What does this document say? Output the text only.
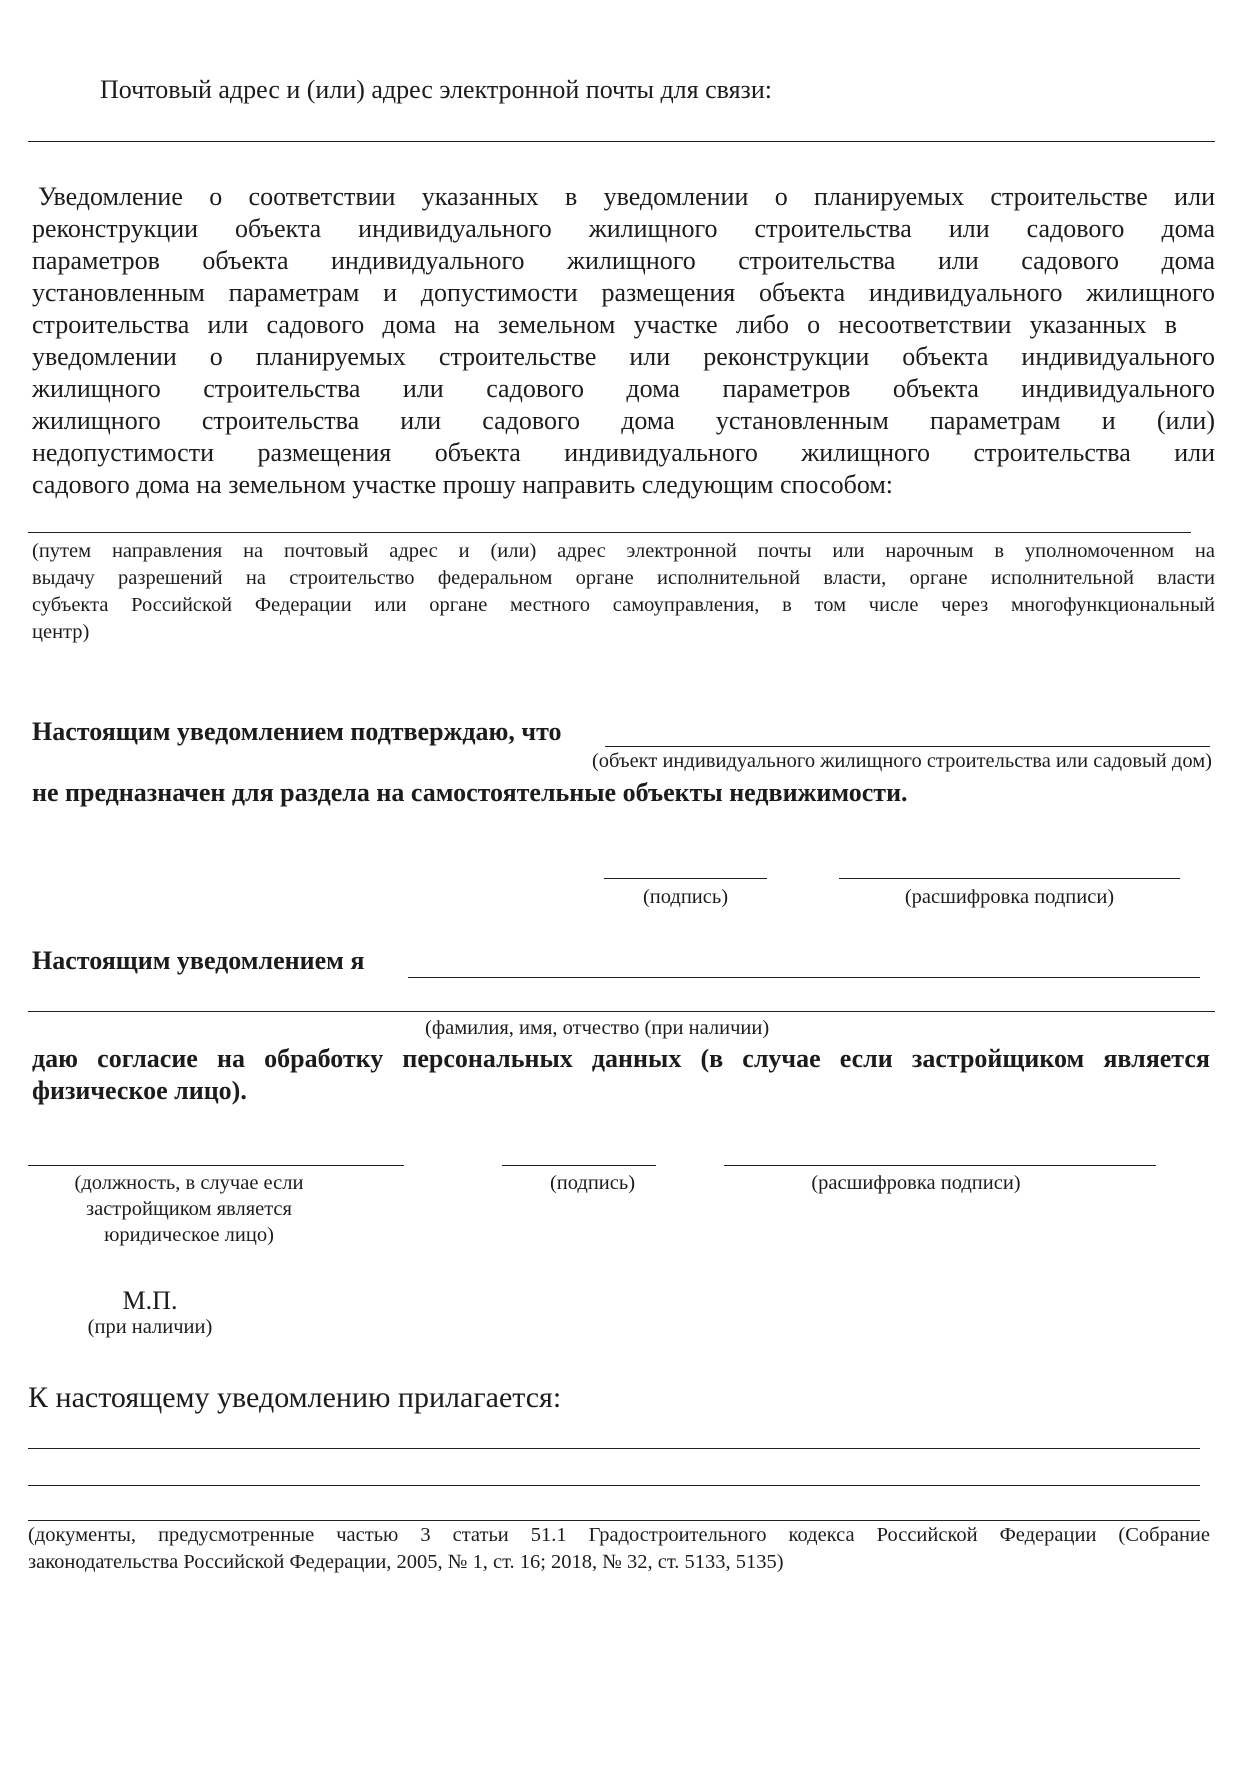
Почтовый адрес и (или) адрес электронной почты для связи:
Уведомление о соответствии указанных в уведомлении о планируемых строительстве или
реконструкции объекта индивидуального жилищного строительства или садового дома
параметров объекта индивидуального жилищного строительства или садового дома
установленным параметрам и допустимости размещения объекта индивидуального жилищного
строительства или садового дома на земельном участке либо о несоответствии указанных в
уведомлении о планируемых строительстве или реконструкции объекта индивидуального
жилищного строительства или садового дома параметров объекта индивидуального
жилищного строительства или садового дома установленным параметрам и (или)
недопустимости размещения объекта индивидуального жилищного строительства или
садового дома на земельном участке прошу направить следующим способом:
(путем направления на почтовый адрес и (или) адрес электронной почты или нарочным в уполномоченном на
выдачу разрешений на строительство федеральном органе исполнительной власти, органе исполнительной власти
субъекта Российской Федерации или органе местного самоуправления, в том числе через многофункциональный
центр)
Настоящим уведомлением подтверждаю, что
(объект индивидуального жилищного строительства или садовый дом)
не предназначен для раздела на самостоятельные объекты недвижимости.
(подпись)	(расшифровка подписи)
Настоящим уведомлением я
(фамилия, имя, отчество (при наличии)
даю согласие на обработку персональных данных (в случае если застройщиком является
физическое лицо).
(должность, в случае если
застройщиком является
юридическое лицо)
(подпись)	(расшифровка подписи)
М.П.
(при наличии)
К настоящему уведомлению прилагается:
(документы, предусмотренные частью 3 статьи 51.1 Градостроительного кодекса Российской Федерации (Собрание
законодательства Российской Федерации, 2005, № 1, ст. 16; 2018, № 32, ст. 5133, 5135)
